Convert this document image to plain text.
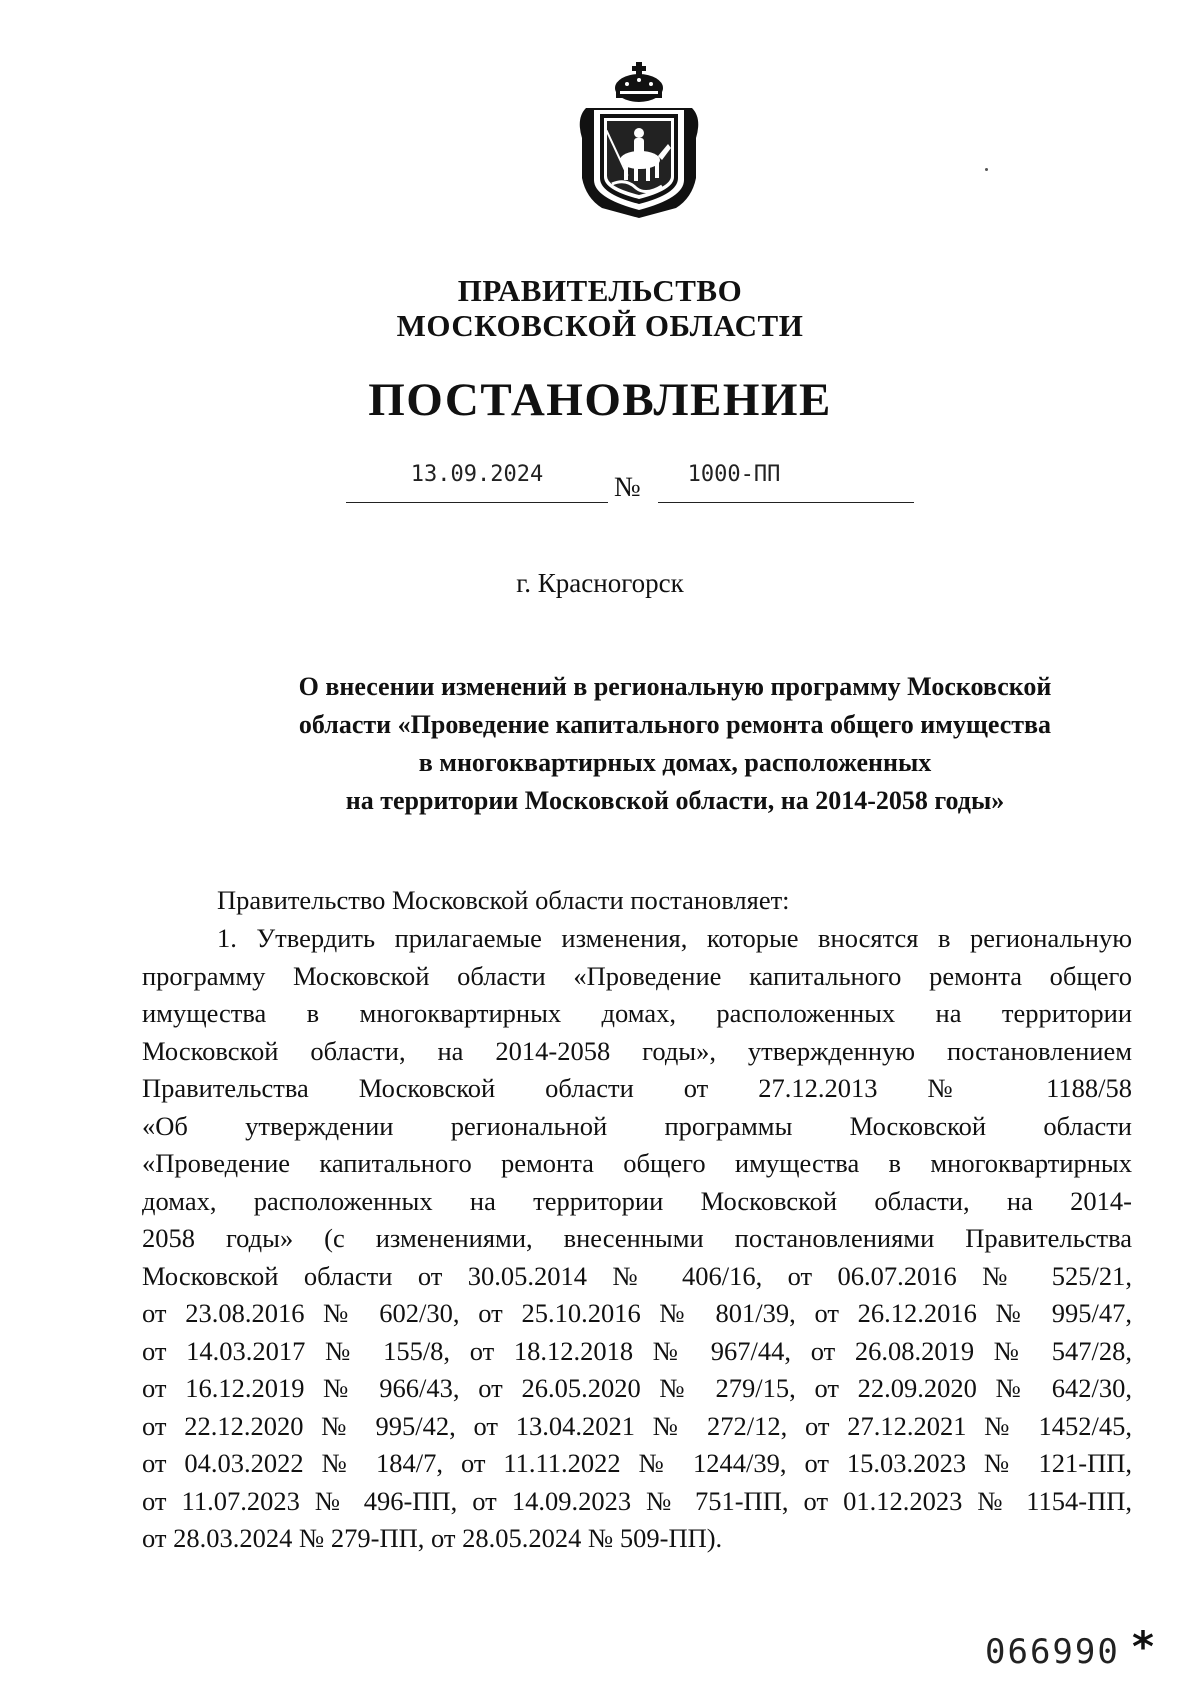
ПРАВИТЕЛЬСТВО
МОСКОВСКОЙ ОБЛАСТИ
ПОСТАНОВЛЕНИЕ
13.09.2024	№	1000-ПП
г. Красногорск
О внесении изменений в региональную программу Московской
области «Проведение капитального ремонта общего имущества
в многоквартирных домах, расположенных
на территории Московской области, на 2014-2058 годы»
Правительство Московской области постановляет:
1. Утвердить прилагаемые изменения, которые вносятся в региональную
программу Московской области «Проведение капитального ремонта общего
имущества в многоквартирных домах, расположенных на территории
Московской области, на 2014-2058 годы», утвержденную постановлением
Правительства Московской области от 27.12.2013 № 1188/58
«Об утверждении региональной программы Московской области
«Проведение капитального ремонта общего имущества в многоквартирных
домах, расположенных на территории Московской области, на 2014-
2058 годы» (с изменениями, внесенными постановлениями Правительства
Московской области от 30.05.2014 № 406/16, от 06.07.2016 № 525/21,
от 23.08.2016 № 602/30, от 25.10.2016 № 801/39, от 26.12.2016 № 995/47,
от 14.03.2017 № 155/8, от 18.12.2018 № 967/44, от 26.08.2019 № 547/28,
от 16.12.2019 № 966/43, от 26.05.2020 № 279/15, от 22.09.2020 № 642/30,
от 22.12.2020 № 995/42, от 13.04.2021 № 272/12, от 27.12.2021 № 1452/45,
от 04.03.2022 № 184/7, от 11.11.2022 № 1244/39, от 15.03.2023 № 121-ПП,
от 11.07.2023 № 496-ПП, от 14.09.2023 № 751-ПП, от 01.12.2023 № 1154-ПП,
от 28.03.2024 № 279-ПП, от 28.05.2024 № 509-ПП).
066990 *
